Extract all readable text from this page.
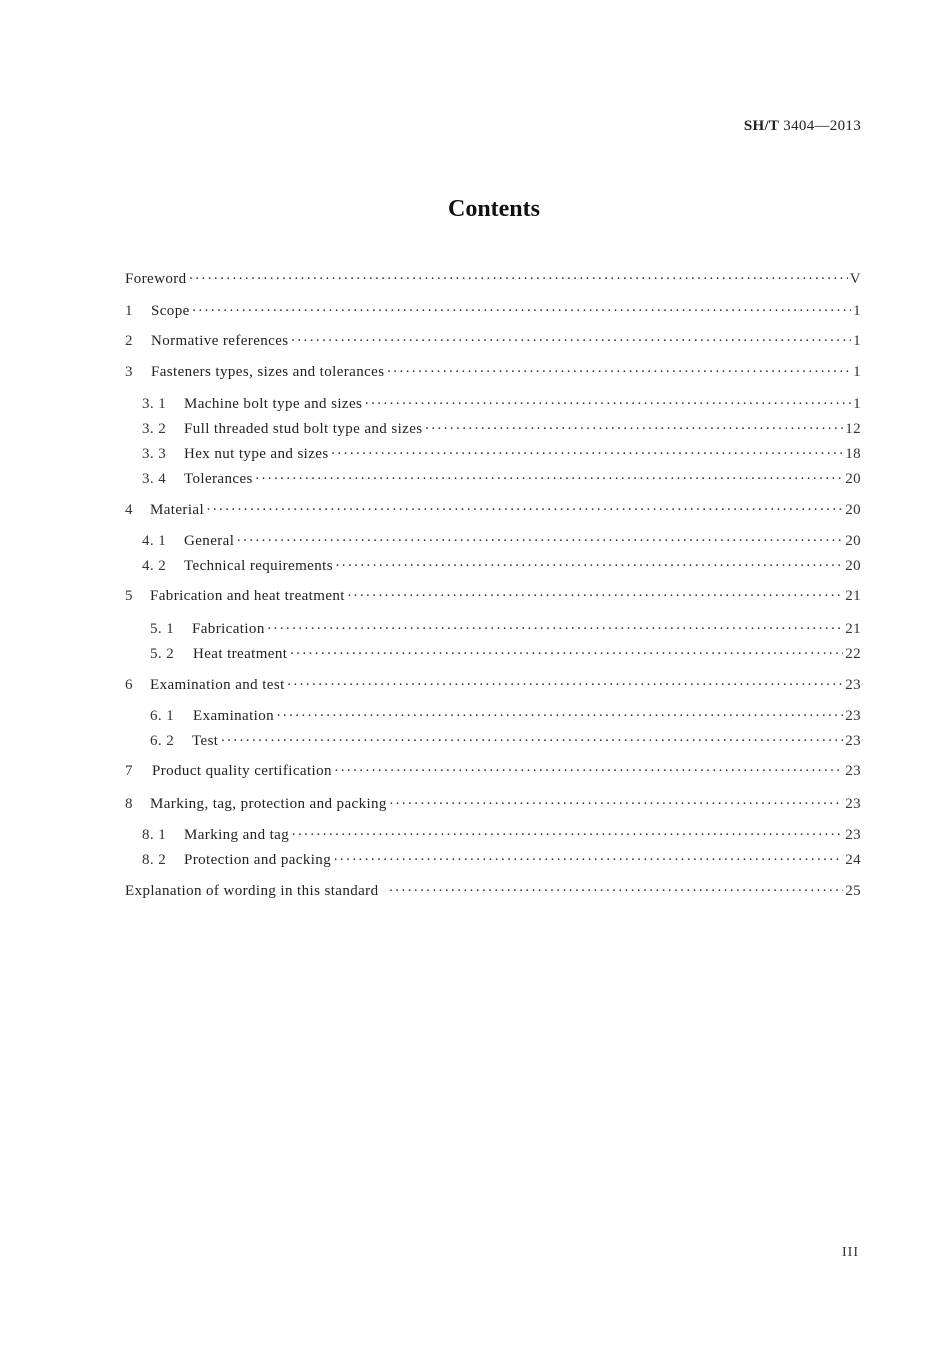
SH/T 3404—2013
Contents
Foreword ·····	V
1	Scope ·····	1
2	Normative references ·····	1
3	Fasteners types, sizes and tolerances ·····	1
3. 1	Machine bolt type and sizes ·····	1
3. 2	Full threaded stud bolt type and sizes ·····	12
3. 3	Hex nut type and sizes ·····	18
3. 4	Tolerances ·····	20
4	Material ·····	20
4. 1	General ·····	20
4. 2	Technical requirements ·····	20
5	Fabrication and heat treatment ·····	21
5. 1	Fabrication ·····	21
5. 2	Heat treatment ·····	22
6	Examination and test ·····	23
6. 1	Examination ·····	23
6. 2	Test ·····	23
7	Product quality certification ·····	23
8	Marking, tag, protection and packing ·····	23
8. 1	Marking and tag ·····	23
8. 2	Protection and packing ·····	24
Explanation of wording in this standard ·····	25
III
